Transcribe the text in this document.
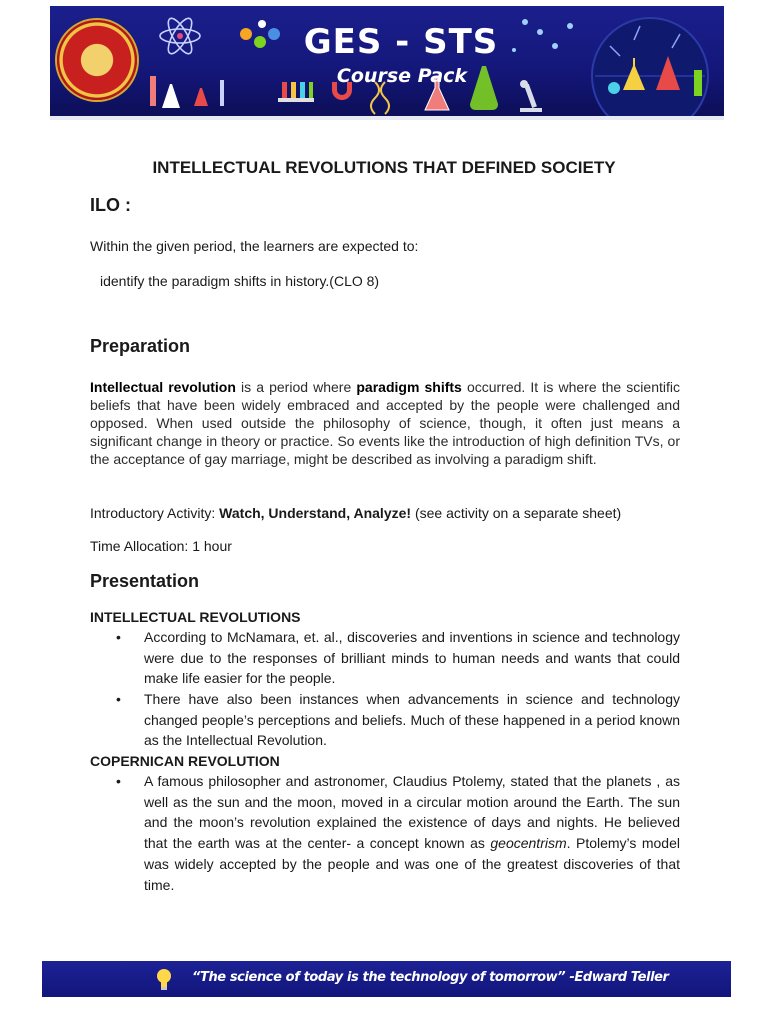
GES - STS
Course Pack
INTELLECTUAL REVOLUTIONS THAT DEFINED SOCIETY
ILO :

Within the given period, the learners are expected to:

identify the paradigm shifts in history.(CLO 8)

Preparation

Intellectual revolution is a period where paradigm shifts occurred. It is where the scientific beliefs that have been widely embraced and accepted by the people were challenged and opposed. When used outside the philosophy of science, though, it often just means a significant change in theory or practice. So events like the introduction of high definition TVs, or the acceptance of gay marriage, might be described as involving a paradigm shift.

Introductory Activity: Watch, Understand, Analyze! (see activity on a separate sheet)

Time Allocation: 1 hour

Presentation
INTELLECTUAL REVOLUTIONS
• According to McNamara, et. al., discoveries and inventions in science and technology were due to the responses of brilliant minds to human needs and wants that could make life easier for the people.
• There have also been instances when advancements in science and technology changed people’s perceptions and beliefs. Much of these happened in a period known as the Intellectual Revolution.
COPERNICAN REVOLUTION
• A famous philosopher and astronomer, Claudius Ptolemy, stated that the planets , as well as the sun and the moon, moved in a circular motion around the Earth. The sun and the moon’s revolution explained the existence of days and nights. He believed that the earth was at the center- a concept known as geocentrism. Ptolemy’s model was widely accepted by the people and was one of the greatest discoveries of that time.
“The science of today is the technology of tomorrow” -Edward Teller
